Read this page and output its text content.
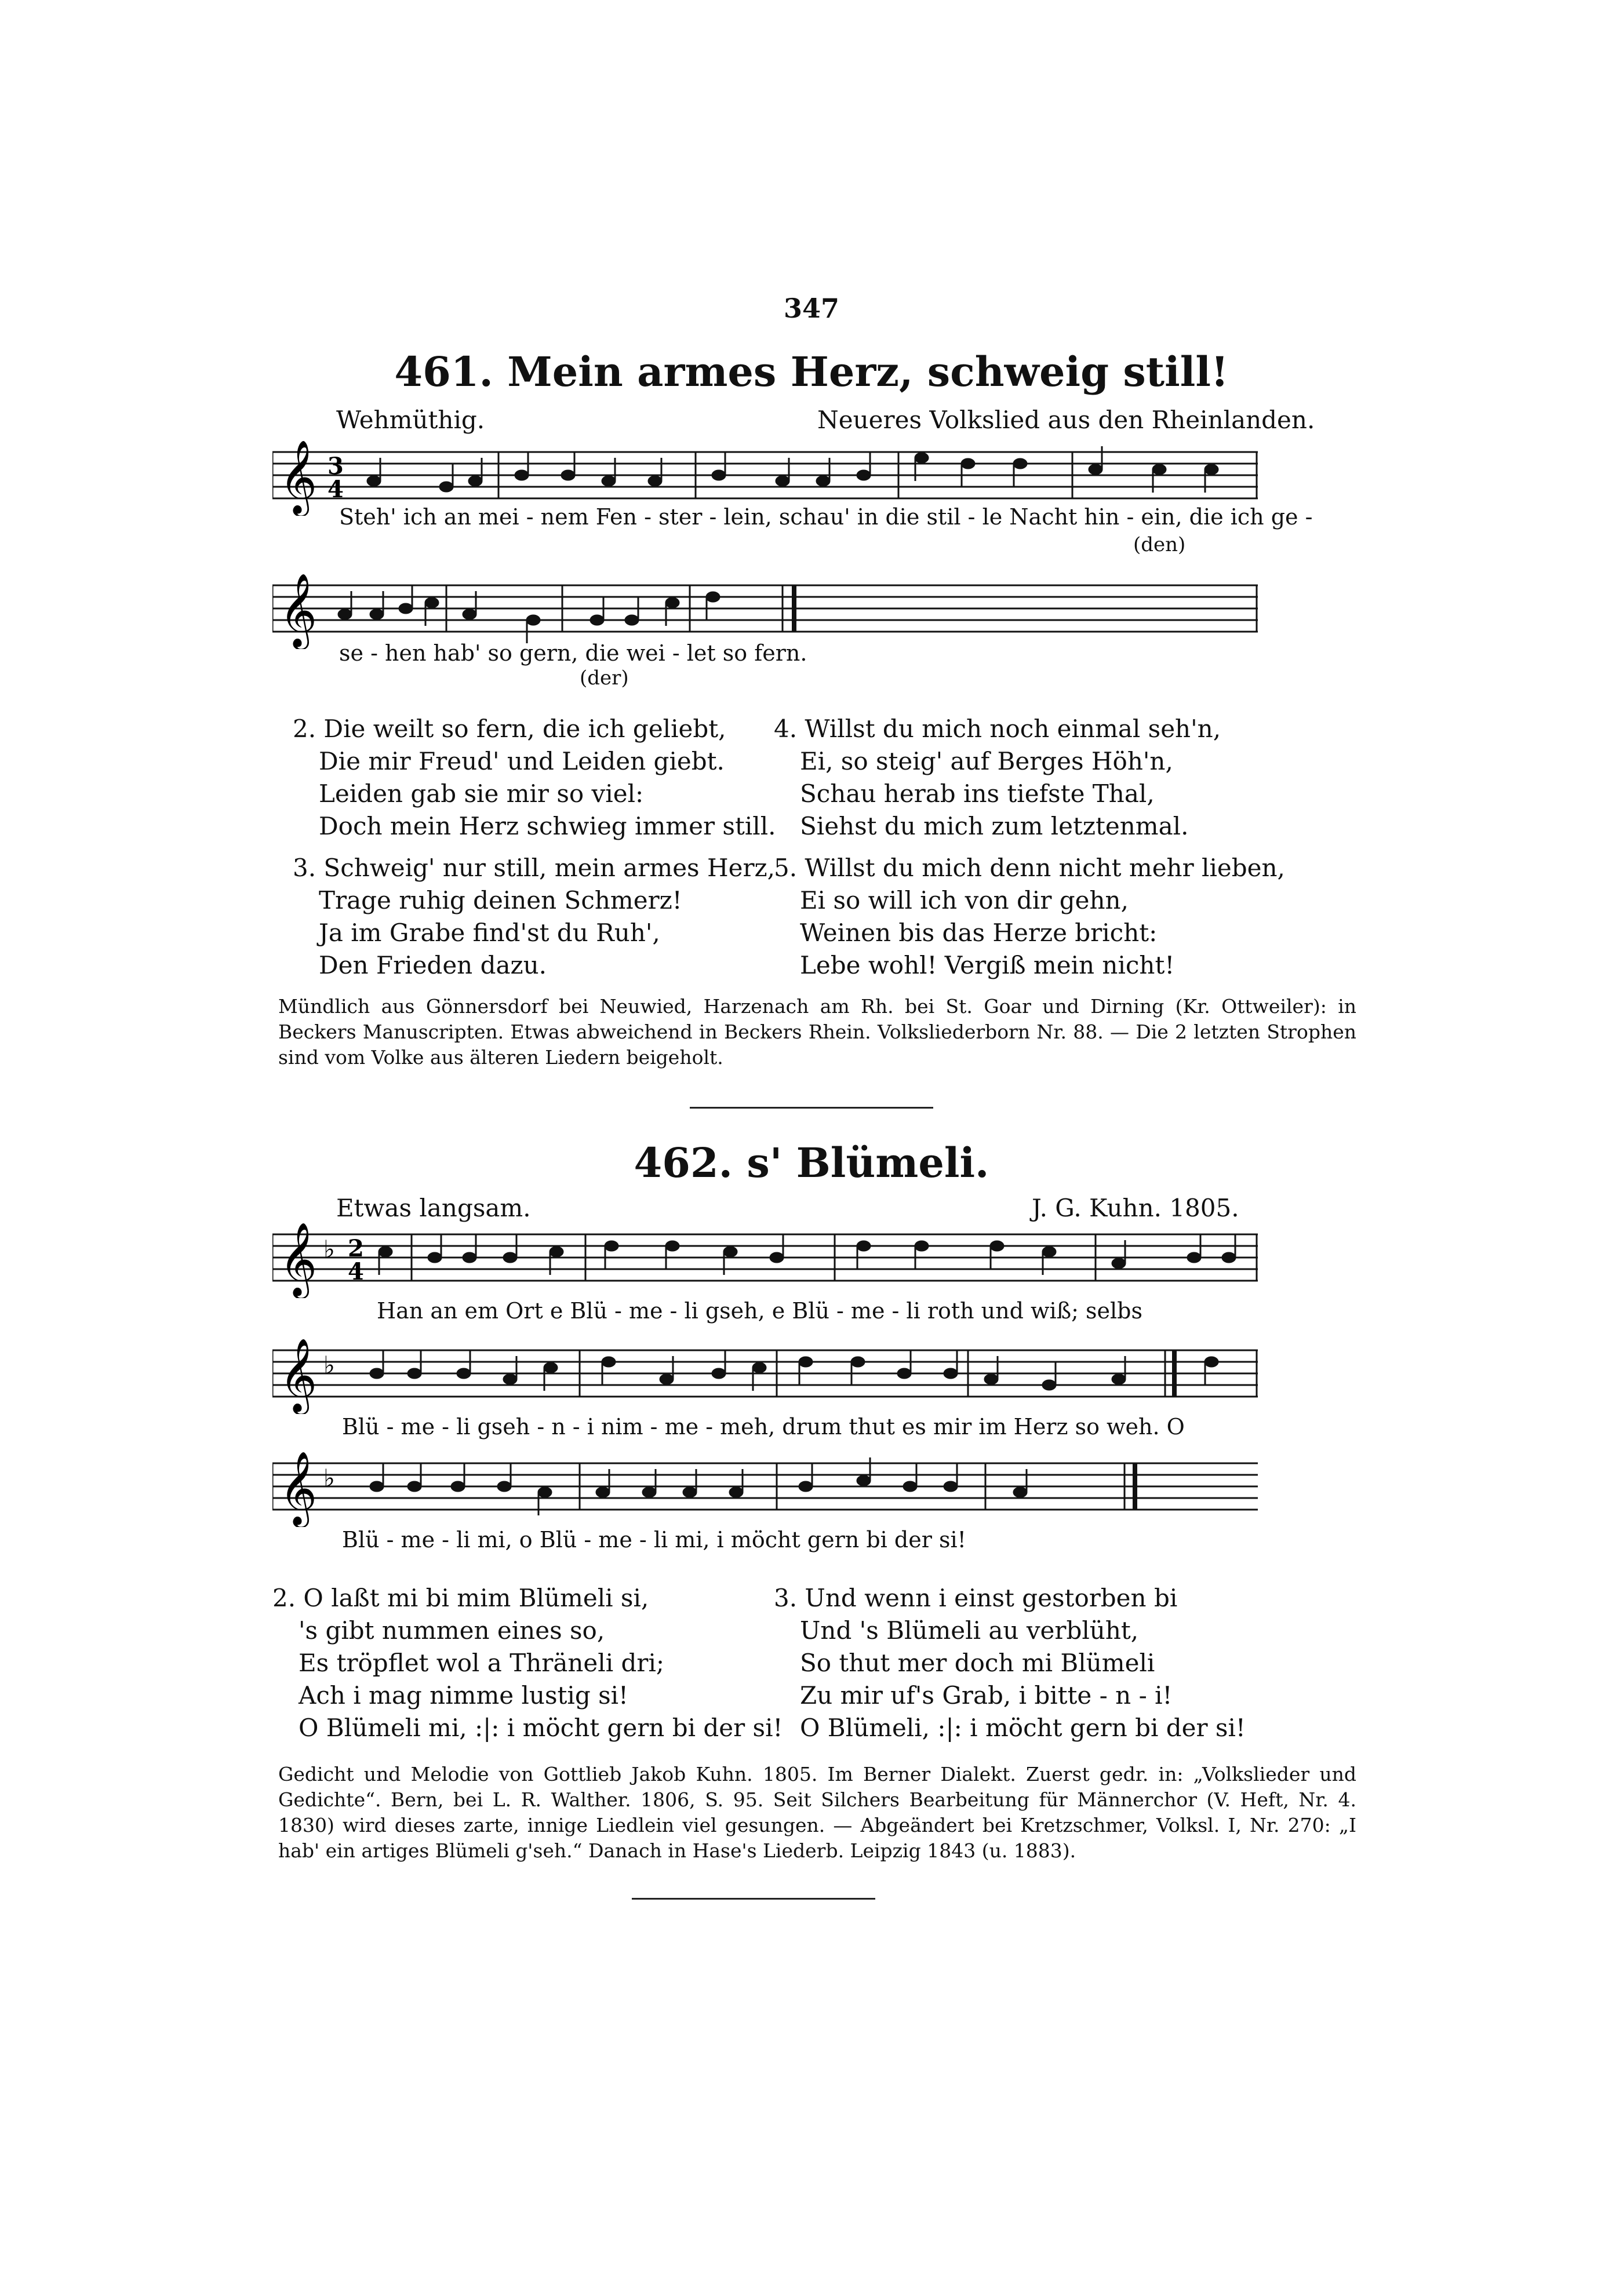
347
461. Mein armes Herz, schweig still!
Wehmüthig.	Neueres Volkslied aus den Rheinlanden.
𝄞 3
4
Steh' ich an mei - nem Fen - ster - lein, schau' in die stil - le Nacht hin - ein, die ich ge -
(den)
𝄞
se - hen hab' so gern, die wei - let so fern.
(der)
2. Die weilt so fern, die ich geliebt,
Die mir Freud' und Leiden giebt.
Leiden gab sie mir so viel:
Doch mein Herz schwieg immer still.
3. Schweig' nur still, mein armes Herz,
Trage ruhig deinen Schmerz!
Ja im Grabe find'st du Ruh',
Den Frieden dazu.
4. Willst du mich noch einmal seh'n,
Ei, so steig' auf Berges Höh'n,
Schau herab ins tiefste Thal,
Siehst du mich zum letztenmal.
5. Willst du mich denn nicht mehr lieben,
Ei so will ich von dir gehn,
Weinen bis das Herze bricht:
Lebe wohl! Vergiß mein nicht!
Mündlich aus Gönnersdorf bei Neuwied, Harzenach am Rh. bei St. Goar und Dirning (Kr. Ottweiler): in Beckers Manuscripten. Etwas abweichend in Beckers Rhein. Volksliederborn Nr. 88. — Die 2 letzten Strophen sind vom Volke aus älteren Liedern beigeholt.
462. s' Blümeli.
Etwas langsam.	J. G. Kuhn. 1805.
𝄞 ♭ 2
4
Han an em Ort e Blü - me - li gseh, e Blü - me - li roth und wiß; selbs
𝄞 ♭
Blü - me - li gseh - n - i nim - me - meh, drum thut es mir im Herz so weh. O
𝄞 ♭
Blü - me - li mi, o Blü - me - li mi, i möcht gern bi der si!
2. O laßt mi bi mim Blümeli si,
's gibt nummen eines so,
Es tröpflet wol a Thräneli dri;
Ach i mag nimme lustig si!
O Blümeli mi, :|: i möcht gern bi der si!
3. Und wenn i einst gestorben bi
Und 's Blümeli au verblüht,
So thut mer doch mi Blümeli
Zu mir uf's Grab, i bitte - n - i!
O Blümeli, :|: i möcht gern bi der si!
Gedicht und Melodie von Gottlieb Jakob Kuhn. 1805. Im Berner Dialekt. Zuerst gedr. in: „Volkslieder und Gedichte“. Bern, bei L. R. Walther. 1806, S. 95. Seit Silchers Bearbeitung für Männerchor (V. Heft, Nr. 4. 1830) wird dieses zarte, innige Liedlein viel gesungen. — Abgeändert bei Kretzschmer, Volksl. I, Nr. 270: „I hab' ein artiges Blümeli g'seh.“ Danach in Hase's Liederb. Leipzig 1843 (u. 1883).
